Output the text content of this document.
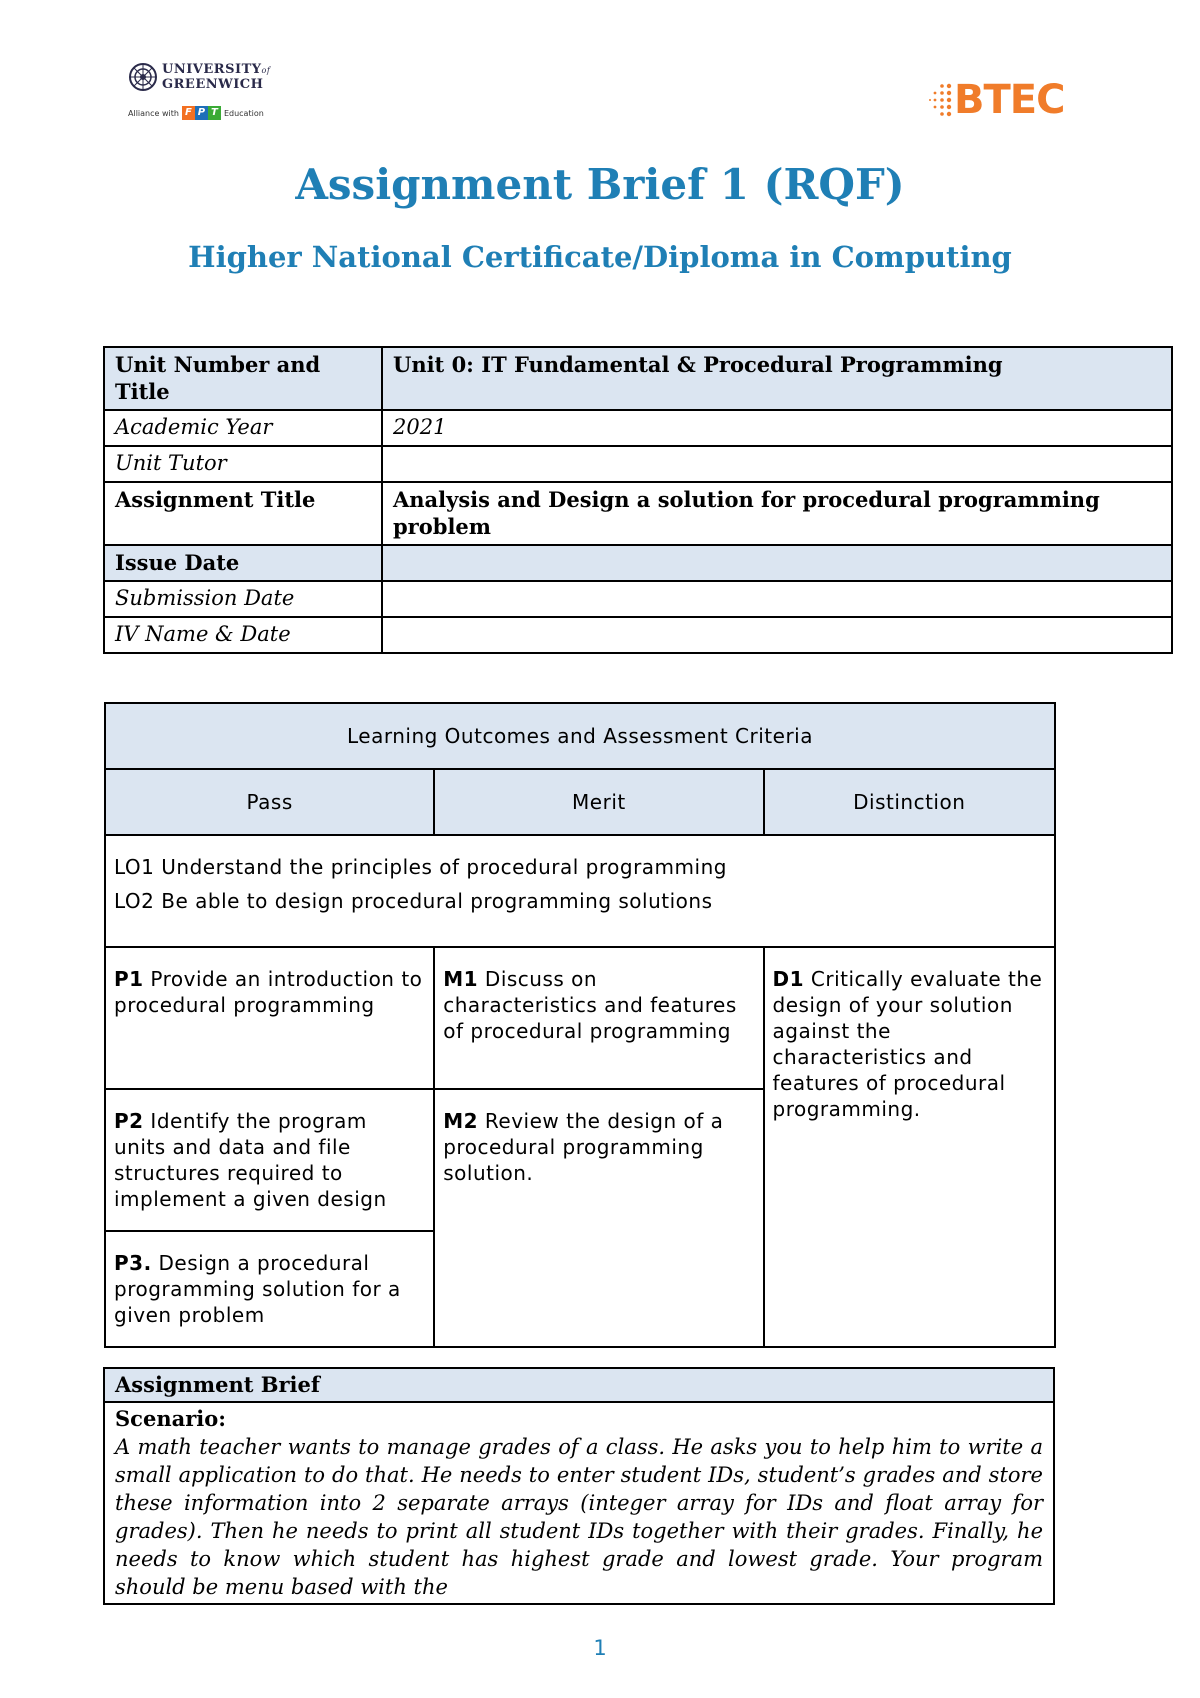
UNIVERSITYof
GREENWICH
Alliance with F P T Education	BTEC
Assignment Brief 1 (RQF)
Higher National Certificate/Diploma in Computing
Unit Number and Title	Unit 0: IT Fundamental & Procedural Programming
Academic Year	2021
Unit Tutor	
Assignment Title	Analysis and Design a solution for procedural programming problem
Issue Date	
Submission Date	
IV Name & Date	
Learning Outcomes and Assessment Criteria		
Pass	Merit	Distinction

LO1 Understand the principles of procedural programming
LO2 Be able to design procedural programming solutions		

P1 Provide an introduction to procedural programming	M1 Discuss on characteristics and features of procedural programming	D1 Critically evaluate the design of your solution against the characteristics and features of procedural programming.
P2 Identify the program units and data and file structures required to implement a given design	M2 Review the design of a procedural programming solution.	
P3. Design a procedural programming solution for a given problem		
Assignment Brief

Scenario:
A math teacher wants to manage grades of a class. He asks you to help him to write a small application to do that. He needs to enter student IDs, student’s grades and store these information into 2 separate arrays (integer array for IDs and float array for grades). Then he needs to print all student IDs together with their grades. Finally, he needs to know which student has highest grade and lowest grade. Your program should be menu based with the
1
